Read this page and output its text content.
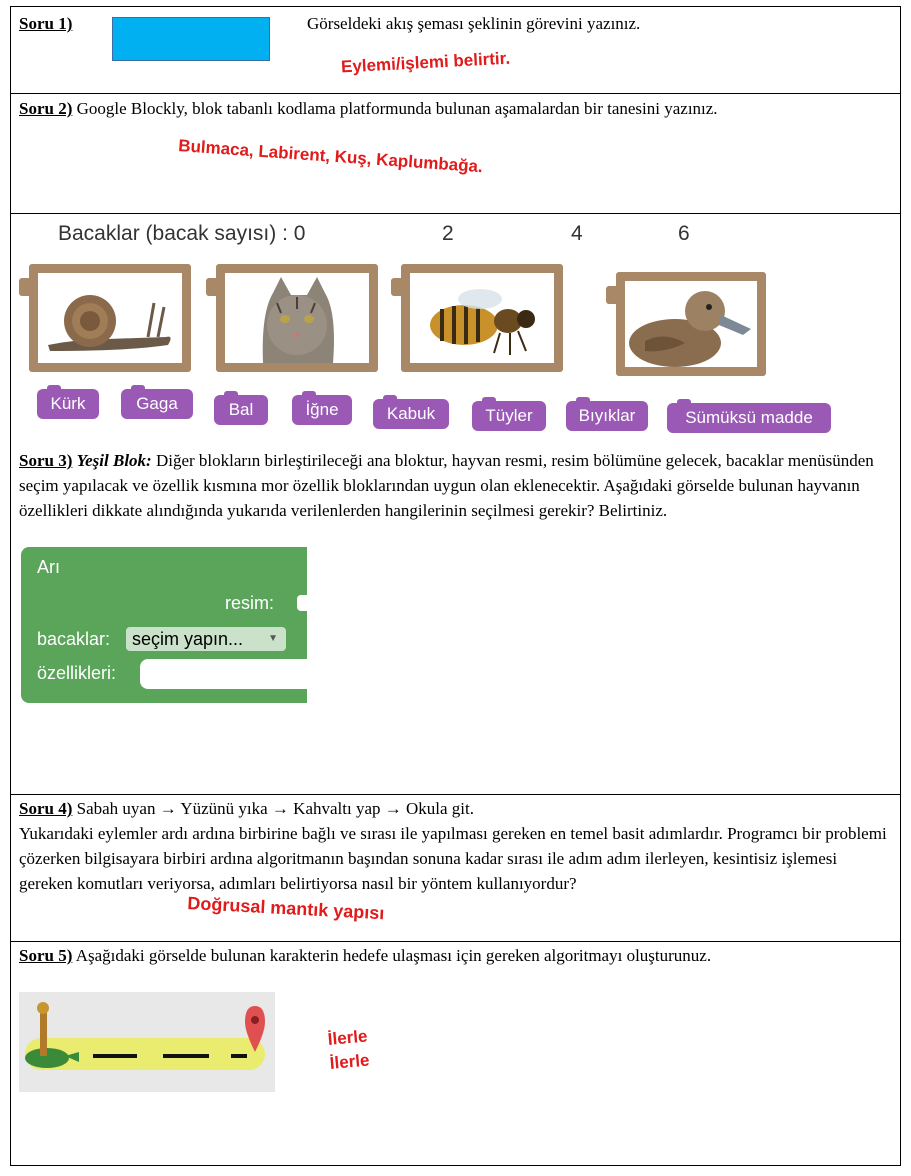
Soru 1)	Görseldeki akış şeması şeklinin görevini yazınız.
Eylemi/işlemi belirtir.
Soru 2) Google Blockly, blok tabanlı kodlama platformunda bulunan aşamalardan bir tanesini yazınız.
Bulmaca, Labirent, Kuş, Kaplumbağa.
Bacaklar (bacak sayısı) : 0	2	4	6
Kürk	Gaga	Bal	İğne	Kabuk	Tüyler	Bıyıklar	Sümüksü madde
Soru 3) Yeşil Blok: Diğer blokların birleştirileceği ana bloktur, hayvan resmi, resim bölümüne gelecek, bacaklar menüsünden seçim yapılacak ve özellik kısmına mor özellik bloklarından uygun olan eklenecektir. Aşağıdaki görselde bulunan hayvanın özellikleri dikkate alındığında yukarıda verilenlerden hangilerinin seçilmesi gerekir? Belirtiniz.
Arı
resim:
bacaklar:	seçim yapın...	▼
özellikleri:
Soru 4) Sabah uyan → Yüzünü yıka → Kahvaltı yap → Okula git.
Yukarıdaki eylemler ardı ardına birbirine bağlı ve sırası ile yapılması gereken en temel basit adımlardır. Programcı bir problemi çözerken bilgisayara birbiri ardına algoritmanın başından sonuna kadar sırası ile adım adım ilerleyen, kesintisiz işlemesi gereken komutları veriyorsa, adımları belirtiyorsa nasıl bir yöntem kullanıyordur?
Doğrusal mantık yapısı
Soru 5) Aşağıdaki görselde bulunan karakterin hedefe ulaşması için gereken algoritmayı oluşturunuz.
İlerle
İlerle
